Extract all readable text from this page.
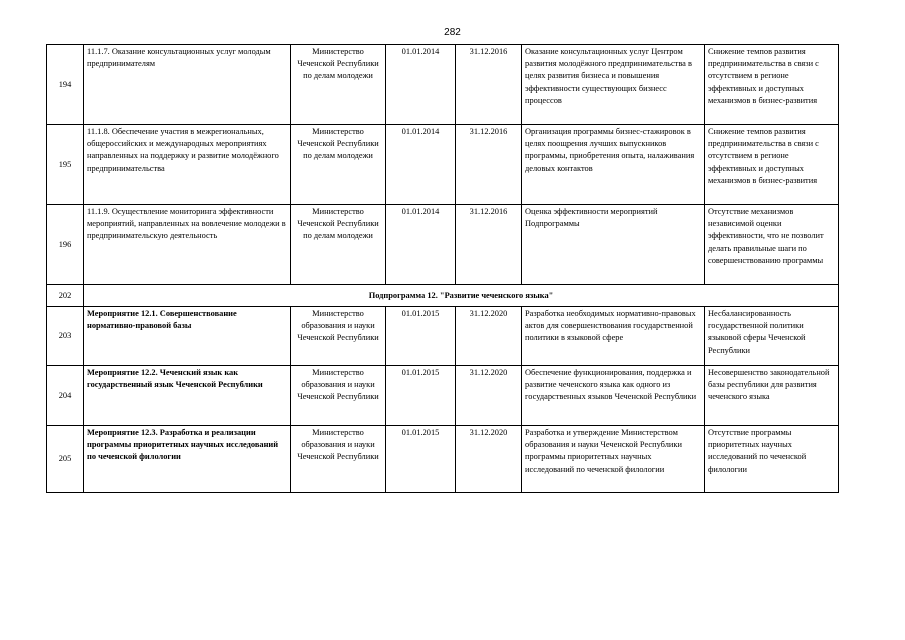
282
194	11.1.7. Оказание консультационных услуг молодым предпринимателям	Министерство Чеченской Республики по делам молодежи	01.01.2014	31.12.2016	Оказание консультационных услуг Центром развития молодёжного предпринимательства в целях развития бизнеса и повышения эффективности существующих бизнесс процессов	Снижение темпов развития предпринимательства в связи с отсутствием в регионе эффективных и доступных механизмов в бизнес-развития
195	11.1.8. Обеспечение участия в межрегиональных, общероссийских и международных мероприятиях направленных на поддержку и развитие молодёжного предпринимательства	Министерство Чеченской Республики по делам молодежи	01.01.2014	31.12.2016	Организация программы бизнес-стажировок в целях поощрения лучших выпускников программы, приобретения опыта, налаживания деловых контактов	Снижение темпов развития предпринимательства в связи с отсутствием в регионе эффективных и доступных механизмов в бизнес-развития
196	11.1.9. Осуществление мониторинга эффективности мероприятий, направленных на вовлечение молодежи в предпринимательскую деятельность	Министерство Чеченской Республики по делам молодежи	01.01.2014	31.12.2016	Оценка эффективности мероприятий Подпрограммы	Отсутствие механизмов независимой оценки эффективности, что не позволит делать правильные шаги по совершенствованию программы
202	Подпрограмма 12. "Развитие чеченского языка"					
203	Мероприятие 12.1. Совершенствование нормативно-правовой базы	Министерство образования и науки Чеченской Республики	01.01.2015	31.12.2020	Разработка необходимых нормативно-правовых актов для совершенствования государственной политики в языковой сфере	Несбалансированность государственной политики языковой сферы Чеченской Республики
204	Мероприятие 12.2. Чеченский язык как государственный язык Чеченской Республики	Министерство образования и науки Чеченской Республики	01.01.2015	31.12.2020	Обеспечение функционирования, поддержка и развитие чеченского языка как одного из государственных языков Чеченской Республики	Несовершенство законодательной базы республики для развития чеченского языка
205	Мероприятие 12.3. Разработка и реализации программы приоритетных научных исследований по чеченской филологии	Министерство образования и науки Чеченской Республики	01.01.2015	31.12.2020	Разработка и утверждение Министерством образования и науки Чеченской Республики программы приоритетных научных исследований по чеченской филологии	Отсутствие программы приоритетных научных исследований по чеченской филологии
